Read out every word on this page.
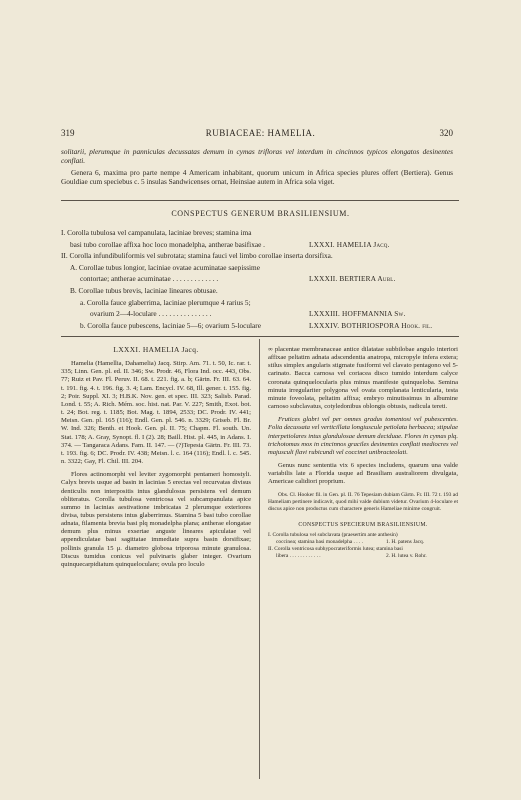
319	RUBIACEAE: HAMELIA.	320

solitarii, plerumque in panniculas decussatas demum in cymas trifloras vel interdum in cincinnos typicos elongatos desinentes conflati.

Genera 6, maxima pro parte nempe 4 Americam inhabitant, quorum unicum in Africa species plures offert (Bertiera). Genus Gouldiae cum speciebus c. 5 insulas Sandwicenses ornat, Heinsiae autem in Africa sola viget.

CONSPECTUS GENERUM BRASILIENSIUM.
I. Corolla tubulosa vel campanulata, laciniae breves; stamina ima
basi tubo corollae affixa hoc loco monadelpha, antherae basifixae .	LXXXI. HAMELIA Jacq.
II. Corolla infundibuliformis vel subrotata; stamina fauci vel limbo corollae inserta dorsifixa.
A. Corollae tubus longior, laciniae ovatae acuminatae saepissime
contortae; antherae acuminatae . . . . . . . . . . . . .	LXXXII. BERTIERA Aubl.
B. Corollae tubus brevis, laciniae lineares obtusae.
a. Corolla fauce glaberrima, laciniae plerumque 4 rarius 5;
ovarium 2—4-loculare . . . . . . . . . . . . . . .	LXXXIII. HOFFMANNIA Sw.
b. Corolla fauce pubescens, laciniae 5—6; ovarium 5-loculare	LXXXIV. BOTHRIOSPORA Hook. fil.
LXXXI. HAMELIA Jacq.

Hamelia (Hamellia, Dahamelia) Jacq. Stirp. Am. 71. t. 50, Ic. rar. t. 335; Linn. Gen. pl. ed. II. 346; Sw. Prodr. 46, Flora Ind. occ. 443, Obs. 77; Ruiz et Pav. Fl. Peruv. II. 68. t. 221. fig. a. b; Gärtn. Fr. III. 63. 64. t. 191. fig. 4. t. 196. fig. 3. 4; Lam. Encycl. IV. 68, Ill. gener. t. 155. fig. 2; Poir. Suppl. XI. 3; H.B.K. Nov. gen. et spec. III. 323; Salisb. Parad. Lond. t. 55; A. Rich. Mém. soc. hist. nat. Par. V. 227; Smith, Exot. bot. t. 24; Bot. reg. t. 1185; Bot. Mag. t. 1894, 2533; DC. Prodr. IV. 441; Meisn. Gen. pl. 165 (116); Endl. Gen. pl. 546. n. 3329; Griseb. Fl. Br. W. Ind. 326; Benth. et Hook. Gen. pl. II. 75; Chapm. Fl. south. Un. Stat. 178; A. Gray, Synopt. fl. I (2). 28; Baill. Hist. pl. 445, in Adans. I. 374. — Tangaraca Adans. Fam. II. 147. — (?)Tepesia Gärtn. Fr. III. 73. t. 193. fig. 6; DC. Prodr. IV. 438; Meisn. l. c. 164 (116); Endl. l. c. 545. n. 3322; Gay, Fl. Chil. III. 204.

Flores actinomorphi vel leviter zygomorphi pentameri homostyli. Calyx brevis usque ad basin in lacinias 5 erectas vel recurvatas divisus denticulis non interpositis intus glandulosus persistens vel demum obliteratus. Corolla tubulosa ventricosa vel subcampanulata apice summo in lacinias aestivatione imbricatas 2 plerumque exteriores divisa, tubus persistens intus glaberrimus. Stamina 5 basi tubo corollae adnata, filamenta brevia basi plq monadelpha plana; antherae elongatae demum plus minus exsertae anguste lineares apiculatae vel appendiculatae basi sagittatae immediate supra basin dorsifixae; pollinis granula 15 μ. diametro globosa triporosa minute granulosa. Discus tumidus conicus vel pulvinaris glaber integer. Ovarium quinquecarpidiatum quinqueloculare; ovula pro loculo

∞ placentae membranaceae antice dilatatae subbilobae angulo interiori affixae peltatim adnata adscendentia anatropa, micropyle infera extera; stilus simplex angularis stigmate fusiformi vel clavato pentagono vel 5-carinato. Bacca carnosa vel coriacea disco tumido interdum calyce coronata quinquelocularis plus minus manifeste quinquelоba. Semina minuta irregulariter polygona vel ovata complanata lenticularia, testa minute foveolata, peltatim affixa; embryo minutissimus in albumine carnoso subclavatus, cotyledonibus oblongis obtusis, radicula tereti.

Frutices glabri vel per omnes gradus tomentosi vel pubescentes. Folia decussata vel verticillata longiuscule petiolata herbacea; stipulae interpetiolares intus glandulosae demum deciduae. Flores in cymas plq. trichotomas mox in cincinnos graciles desinentes conflati mediocres vel majusculi flavi rubicundi vel coccinei unibracteolati.

Genus nunc sententia vix 6 species includens, quarum una valde variabilis late a Florida usque ad Brasiliam australiorem divulgata, Americae calidiori proprium.

Obs. Cl. Hooker fil. in Gen. pl. II. 76 Tepesiam dubiam Gärtn. Fr. III. 72 t. 193 ad Hameliam pertinere indicavit, quod mihi valde dubium videtur. Ovarium 4-loculare et discus apice non productus cum charactere generis Hameliae minime congruit.

CONSPECTUS SPECIERUM BRASILIENSIUM.

I. Corolla tubulosa vel subclavata (praesertim ante anthesin)
coccinea; stamina basi monadelpha . . . .	1. H. patens Jacq.
II. Corolla ventricosa subhypocrateriformis lutea; stamina basi
libera . . . . . . . . . . . .	2. H. lutea v. Rohr.
